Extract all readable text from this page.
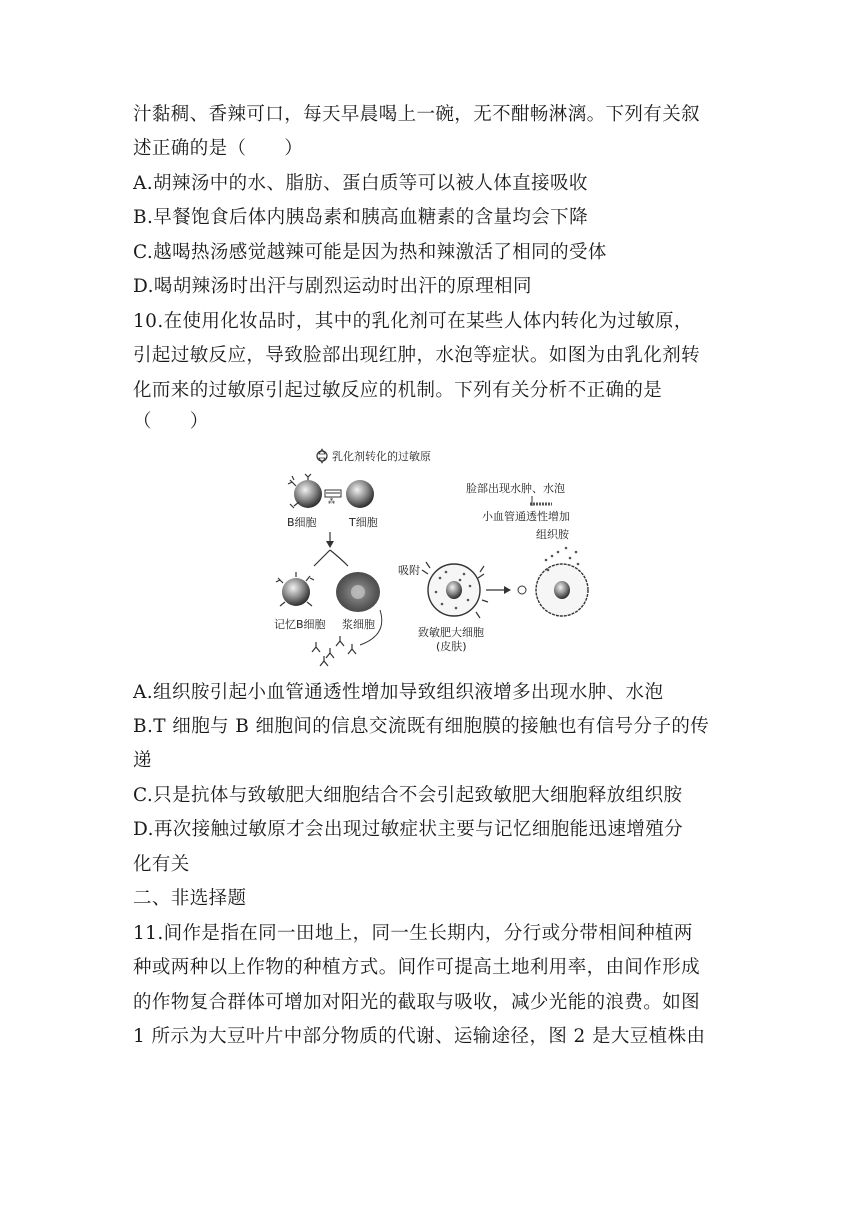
汁黏稠、香辣可口，每天早晨喝上一碗，无不酣畅淋漓。下列有关叙
述正确的是（　　）
A.胡辣汤中的水、脂肪、蛋白质等可以被人体直接吸收
B.早餐饱食后体内胰岛素和胰高血糖素的含量均会下降
C.越喝热汤感觉越辣可能是因为热和辣激活了相同的受体
D.喝胡辣汤时出汗与剧烈运动时出汗的原理相同
10.在使用化妆品时，其中的乳化剂可在某些人体内转化为过敏原，
引起过敏反应，导致脸部出现红肿，水泡等症状。如图为由乳化剂转
化而来的过敏原引起过敏反应的机制。下列有关分析不正确的是
（　　）
乳化剂转化的过敏原
⁂
B细胞	T细胞
记忆B细胞 浆细胞
吸附
致敏肥大细胞
(皮肤)
组织胺
小血管通透性增加
脸部出现水肿、水泡
A.组织胺引起小血管通透性增加导致组织液增多出现水肿、水泡
B.T 细胞与 B 细胞间的信息交流既有细胞膜的接触也有信号分子的传
递
C.只是抗体与致敏肥大细胞结合不会引起致敏肥大细胞释放组织胺
D.再次接触过敏原才会出现过敏症状主要与记忆细胞能迅速增殖分
化有关
二、非选择题
11.间作是指在同一田地上，同一生长期内，分行或分带相间种植两
种或两种以上作物的种植方式。间作可提高土地利用率，由间作形成
的作物复合群体可增加对阳光的截取与吸收，减少光能的浪费。如图
1 所示为大豆叶片中部分物质的代谢、运输途径，图 2 是大豆植株由
